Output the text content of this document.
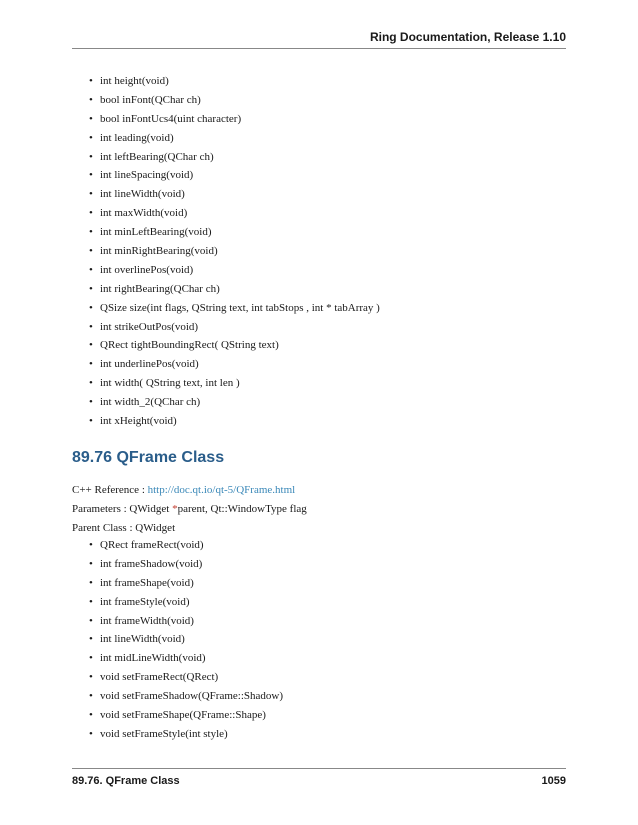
Ring Documentation, Release 1.10
• int height(void)
• bool inFont(QChar ch)
• bool inFontUcs4(uint character)
• int leading(void)
• int leftBearing(QChar ch)
• int lineSpacing(void)
• int lineWidth(void)
• int maxWidth(void)
• int minLeftBearing(void)
• int minRightBearing(void)
• int overlinePos(void)
• int rightBearing(QChar ch)
• QSize size(int flags, QString text, int tabStops , int * tabArray )
• int strikeOutPos(void)
• QRect tightBoundingRect( QString text)
• int underlinePos(void)
• int width( QString text, int len )
• int width_2(QChar ch)
• int xHeight(void)
89.76 QFrame Class
C++ Reference : http://doc.qt.io/qt-5/QFrame.html
Parameters : QWidget *parent, Qt::WindowType flag
Parent Class : QWidget
• QRect frameRect(void)
• int frameShadow(void)
• int frameShape(void)
• int frameStyle(void)
• int frameWidth(void)
• int lineWidth(void)
• int midLineWidth(void)
• void setFrameRect(QRect)
• void setFrameShadow(QFrame::Shadow)
• void setFrameShape(QFrame::Shape)
• void setFrameStyle(int style)
89.76. QFrame Class	1059
